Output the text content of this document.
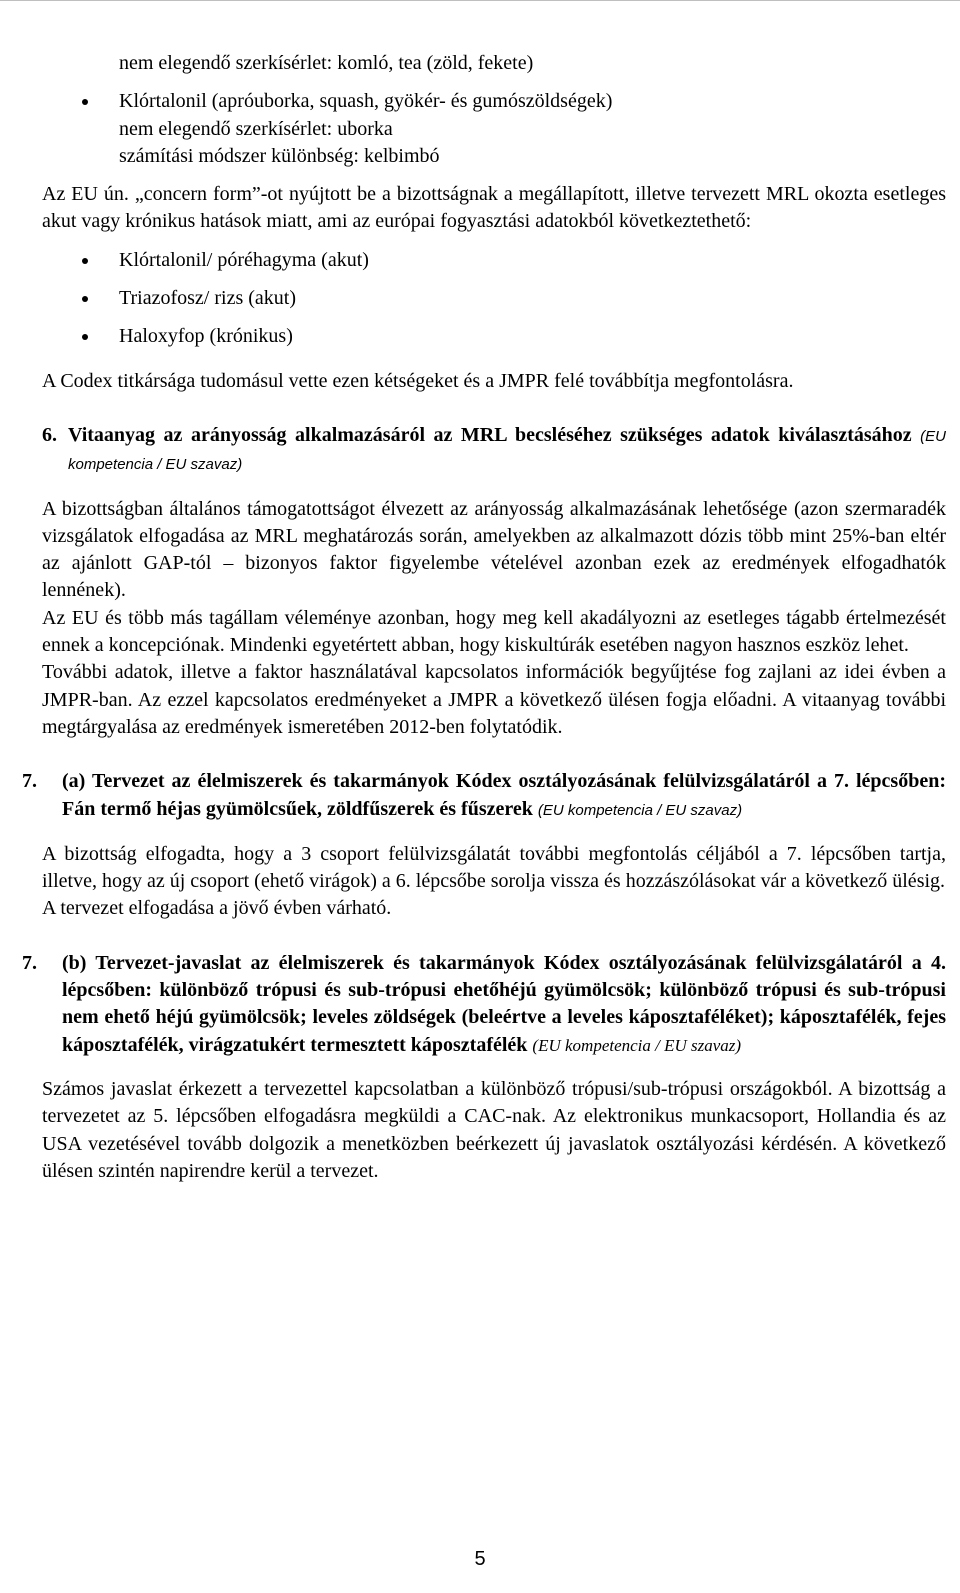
nem elegendő szerkísérlet: komló, tea (zöld, fekete)

Klórtalonil (apróuborka, squash, gyökér- és gumószöldségek)

nem elegendő szerkísérlet: uborka

számítási módszer különbség: kelbimbó

Az EU ún. „concern form”-ot nyújtott be a bizottságnak a megállapított, illetve tervezett MRL okozta esetleges akut vagy krónikus hatások miatt, ami az európai fogyasztási adatokból következtethető:

Klórtalonil/ póréhagyma (akut)
Triazofosz/ rizs (akut)
Haloxyfop (krónikus)

A Codex titkársága tudomásul vette ezen kétségeket és a JMPR felé továbbítja megfontolásra.

6. Vitaanyag az arányosság alkalmazásáról az MRL becsléséhez szükséges adatok kiválasztásához (EU kompetencia / EU szavaz)

A bizottságban általános támogatottságot élvezett az arányosság alkalmazásának lehetősége (azon szermaradék vizsgálatok elfogadása az MRL meghatározás során, amelyekben az alkalmazott dózis több mint 25%-ban eltér az ajánlott GAP-tól – bizonyos faktor figyelembe vételével azonban ezek az eredmények elfogadhatók lennének).

Az EU és több más tagállam véleménye azonban, hogy meg kell akadályozni az esetleges tágabb értelmezését ennek a koncepciónak. Mindenki egyetértett abban, hogy kiskultúrák esetében nagyon hasznos eszköz lehet.

További adatok, illetve a faktor használatával kapcsolatos információk begyűjtése fog zajlani az idei évben a JMPR-ban. Az ezzel kapcsolatos eredményeket a JMPR a következő ülésen fogja előadni. A vitaanyag további megtárgyalása az eredmények ismeretében 2012-ben folytatódik.

7.	(a) Tervezet az élelmiszerek és takarmányok Kódex osztályozásának felülvizsgálatáról a 7. lépcsőben: Fán termő héjas gyümölcsűek, zöldfűszerek és fűszerek (EU kompetencia / EU szavaz)

A bizottság elfogadta, hogy a 3 csoport felülvizsgálatát további megfontolás céljából a 7. lépcsőben tartja, illetve, hogy az új csoport (ehető virágok) a 6. lépcsőbe sorolja vissza és hozzászólásokat vár a következő ülésig.

A tervezet elfogadása a jövő évben várható.

7.	(b) Tervezet-javaslat az élelmiszerek és takarmányok Kódex osztályozásának felülvizsgálatáról a 4. lépcsőben: különböző trópusi és sub-trópusi ehetőhéjú gyümölcsök; különböző trópusi és sub-trópusi nem ehető héjú gyümölcsök; leveles zöldségek (beleértve a leveles káposztaféléket); káposztafélék, fejes káposztafélék, virágzatukért termesztett káposztafélék (EU kompetencia / EU szavaz)

Számos javaslat érkezett a tervezettel kapcsolatban a különböző trópusi/sub-trópusi országokból. A bizottság a tervezetet az 5. lépcsőben elfogadásra megküldi a CAC-nak. Az elektronikus munkacsoport, Hollandia és az USA vezetésével tovább dolgozik a menetközben beérkezett új javaslatok osztályozási kérdésén. A következő ülésen szintén napirendre kerül a tervezet.

5
